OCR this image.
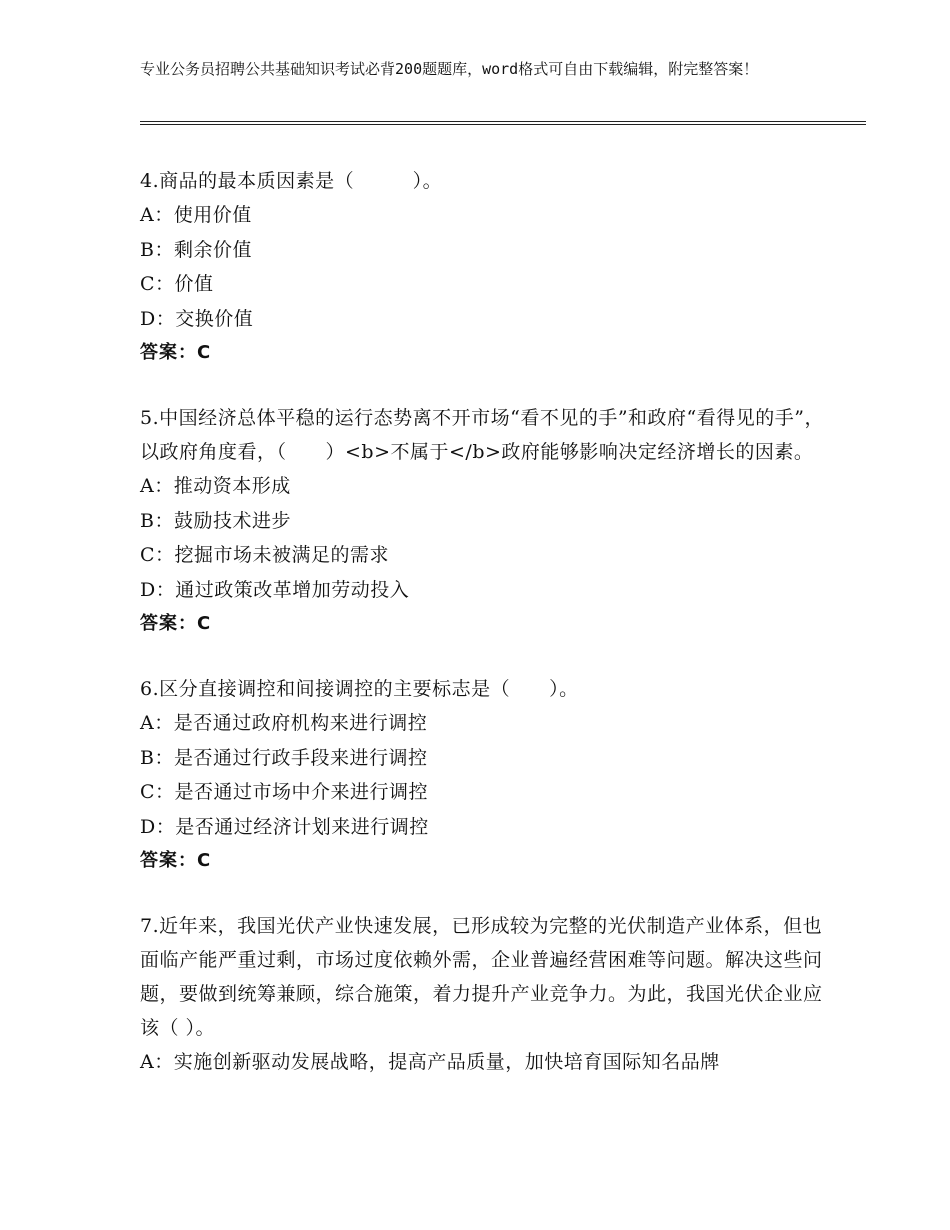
专业公务员招聘公共基础知识考试必背200题题库，word格式可自由下载编辑，附完整答案！
4.商品的最本质因素是（　　　）。
A：使用价值
B：剩余价值
C：价值
D：交换价值
答案：C
5.中国经济总体平稳的运行态势离不开市场“看不见的手”和政府“看得见的手”，以政府角度看，（　　）<b>不属于</b>政府能够影响决定经济增长的因素。
A：推动资本形成
B：鼓励技术进步
C：挖掘市场未被满足的需求
D：通过政策改革增加劳动投入
答案：C
6.区分直接调控和间接调控的主要标志是（　　）。
A：是否通过政府机构来进行调控
B：是否通过行政手段来进行调控
C：是否通过市场中介来进行调控
D：是否通过经济计划来进行调控
答案：C
7.近年来，我国光伏产业快速发展，已形成较为完整的光伏制造产业体系，但也面临产能严重过剩，市场过度依赖外需，企业普遍经营困难等问题。解决这些问题，要做到统筹兼顾，综合施策，着力提升产业竞争力。为此，我国光伏企业应该（ ）。
A：实施创新驱动发展战略，提高产品质量，加快培育国际知名品牌
